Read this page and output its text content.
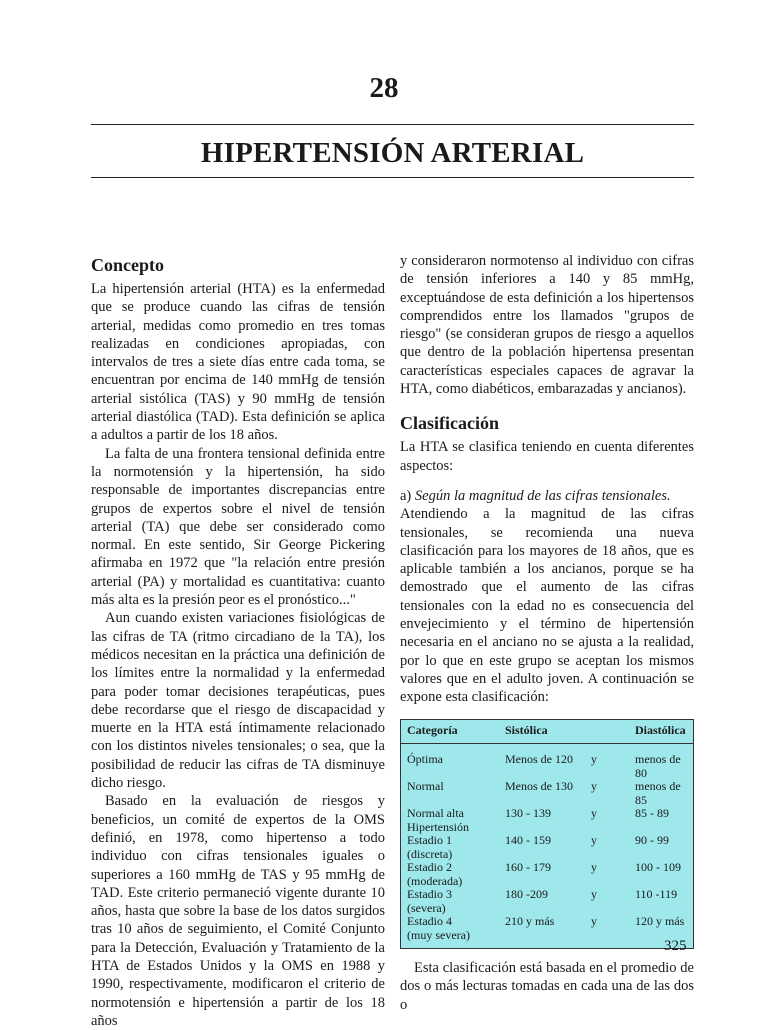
28
HIPERTENSIÓN ARTERIAL
Concepto

La hipertensión arterial (HTA) es la enfermedad que se produce cuando las cifras de tensión arterial, medidas como promedio en tres tomas realizadas en condiciones apropiadas, con intervalos de tres a siete días entre cada toma, se encuentran por encima de 140 mmHg de tensión arterial sistólica (TAS) y 90 mmHg de tensión arterial diastólica (TAD). Esta definición se aplica a adultos a partir de los 18 años.

La falta de una frontera tensional definida entre la normotensión y la hipertensión, ha sido responsable de importantes discrepancias entre grupos de expertos sobre el nivel de tensión arterial (TA) que debe ser considerado como normal. En este sentido, Sir George Pickering afirmaba en 1972 que "la relación entre presión arterial (PA) y mortalidad es cuantitativa: cuanto más alta es la presión peor es el pronóstico..."

Aun cuando existen variaciones fisiológicas de las cifras de TA (ritmo circadiano de la TA), los médicos necesitan en la práctica una definición de los límites entre la normalidad y la enfermedad para poder tomar decisiones terapéuticas, pues debe recordarse que el riesgo de discapacidad y muerte en la HTA está íntimamente relacionado con los distintos niveles tensionales; o sea, que la posibilidad de reducir las cifras de TA disminuye dicho riesgo.

Basado en la evaluación de riesgos y beneficios, un comité de expertos de la OMS definió, en 1978, como hipertenso a todo individuo con cifras tensionales iguales o superiores a 160 mmHg de TAS y 95 mmHg de TAD. Este criterio permaneció vigente durante 10 años, hasta que sobre la base de los datos surgidos tras 10 años de seguimiento, el Comité Conjunto para la Detección, Evaluación y Tratamiento de la HTA de Estados Unidos y la OMS en 1988 y 1990, respectivamente, modificaron el criterio de normotensión e hipertensión a partir de los 18 años

y consideraron normotenso al individuo con cifras de tensión inferiores a 140 y 85 mmHg, exceptuándose de esta definición a los hipertensos comprendidos entre los llamados "grupos de riesgo" (se consideran grupos de riesgo a aquellos que dentro de la población hipertensa presentan características especiales capaces de agravar la HTA, como diabéticos, embarazadas y ancianos).

Clasificación

La HTA se clasifica teniendo en cuenta diferentes aspectos:

a) Según la magnitud de las cifras tensionales.

Atendiendo a la magnitud de las cifras tensionales, se recomienda una nueva clasificación para los mayores de 18 años, que es aplicable también a los ancianos, porque se ha demostrado que el aumento de las cifras tensionales con la edad no es consecuencia del envejecimiento y el término de hipertensión necesaria en el anciano no se ajusta a la realidad, por lo que en este grupo se aceptan los mismos valores que en el adulto joven. A continuación se expone esta clasificación:

Categoría	Sistólica		Diastólica
Óptima	Menos de 120	y	menos de 80
Normal	Menos de 130	y	menos de 85
Normal alta	130 - 139	y	85 - 89
Hipertensión			
Estadio 1	140 - 159	y	90 - 99
(discreta)			
Estadio 2	160 - 179	y	100 - 109
(moderada)			
Estadio 3	180 -209	y	110 -119
(severa)			
Estadio 4	210 y más	y	120 y más
(muy severa)			

Esta clasificación está basada en el promedio de dos o más lecturas tomadas en cada una de las dos o

325
